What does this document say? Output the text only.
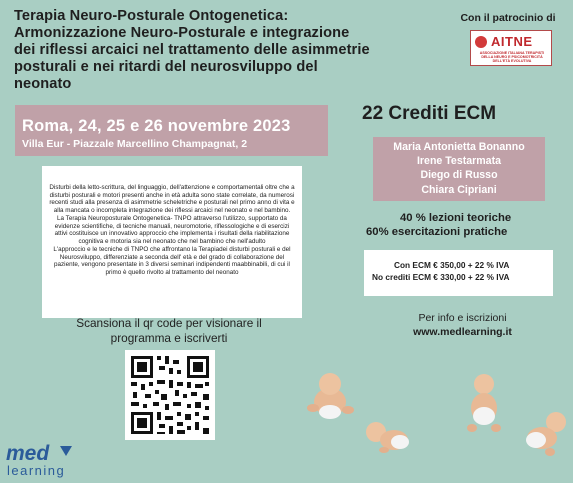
Terapia Neuro-Posturale Ontogenetica: Armonizzazione Neuro-Posturale e integrazione dei riflessi arcaici nel trattamento delle asimmetrie posturali e nei ritardi del neurosviluppo del neonato
Con il patrocinio di
AITNE
ASSOCIAZIONE ITALIANA TERAPISTI DELLA NEURO E PSICOMOTRICITÀ DELL'ETÀ EVOLUTIVA
Roma, 24, 25 e 26 novembre 2023
Villa Eur - Piazzale Marcellino Champagnat, 2

Disturbi della letto-scrittura, del linguaggio, dell'attenzione e comportamentali oltre che a disturbi posturali e motori presenti anche in età adulta sono state correlate, da numerosi recenti studi alla presenza di asimmetrie scheletriche e posturali nel primo anno di vita e alla mancata o incompleta integrazione dei riflessi arcaici nel neonato e nel bambino.

La Terapia Neuroposturale Ontogenetica- TNPO attraverso l'utilizzo, supportato da evidenze scientifiche, di tecniche manuali, neuromotorie, riflessologiche e di esercizi attivi costituisce un innovativo approccio che implementa i risultati della riabilitazione cognitiva e motoria sia nel neonato che nel bambino che nell'adulto

L'approccio e le tecniche di TNPO che affrontano la Terapiadei disturbi posturali e del Neurosviluppo, differenziate a seconda dell' età e del grado di collaborazione del paziente, vengono presentate in 3 diversi seminari indipendenti maabbinabili, di cui il primo è quello rivolto al trattamento del neonato

Scansiona il qr code per visionare il programma e iscriverti
med
learning
22 Crediti ECM
Maria Antonietta Bonanno
Irene Testarmata
Diego di Russo
Chiara Cipriani
40 % lezioni teoriche
60% esercitazioni pratiche
Con ECM € 350,00 + 22 % IVA
No crediti ECM € 330,00 + 22 % IVA
Per info e iscrizioni
www.medlearning.it
